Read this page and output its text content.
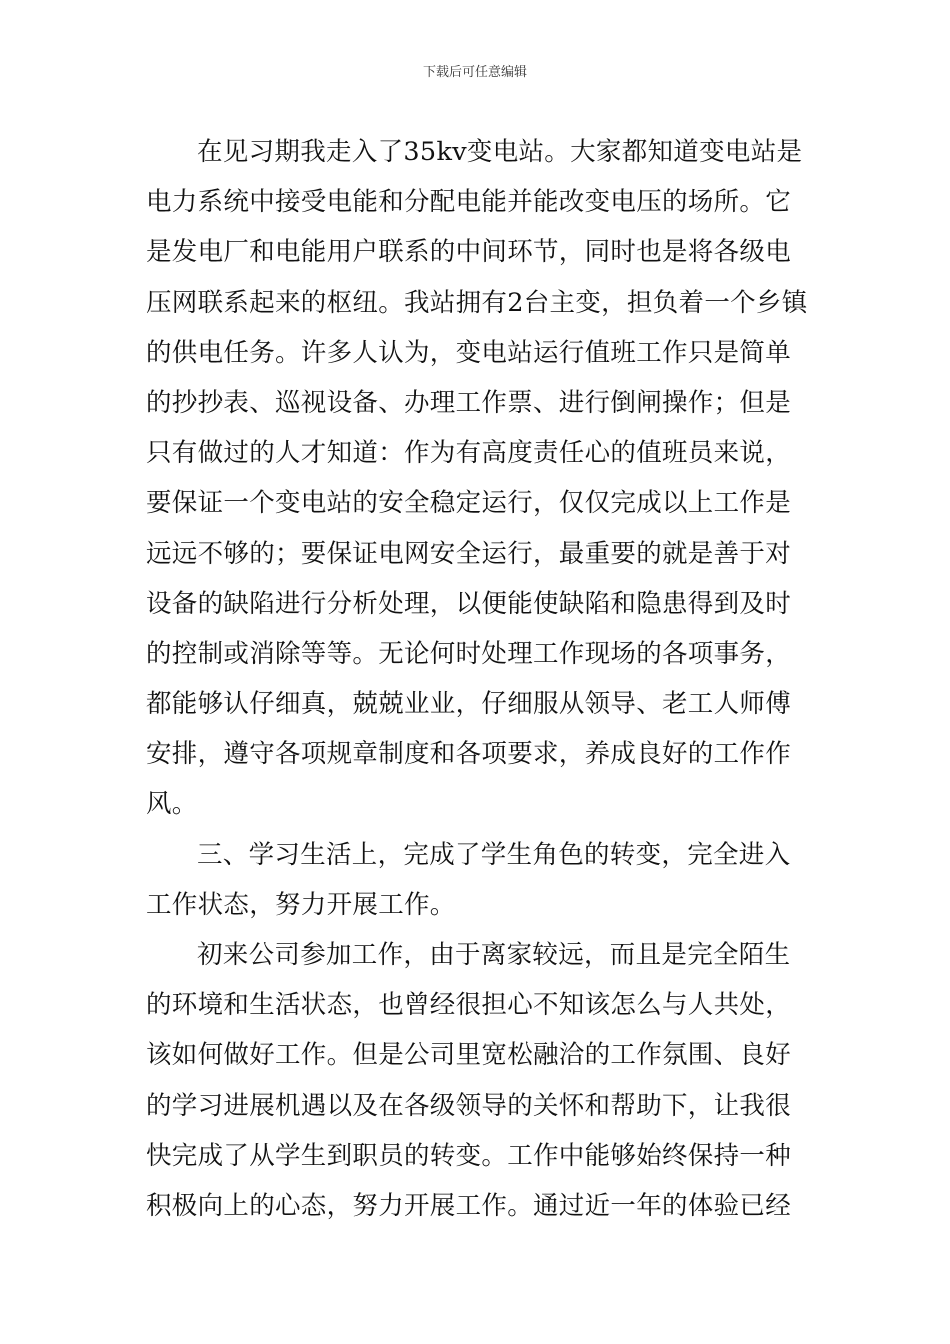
下载后可任意编辑
在见习期我走入了35kv变电站。大家都知道变电站是
电力系统中接受电能和分配电能并能改变电压的场所。它
是发电厂和电能用户联系的中间环节，同时也是将各级电
压网联系起来的枢纽。我站拥有2台主变，担负着一个乡镇
的供电任务。许多人认为，变电站运行值班工作只是简单
的抄抄表、巡视设备、办理工作票、进行倒闸操作；但是
只有做过的人才知道：作为有高度责任心的值班员来说，
要保证一个变电站的安全稳定运行，仅仅完成以上工作是
远远不够的；要保证电网安全运行，最重要的就是善于对
设备的缺陷进行分析处理，以便能使缺陷和隐患得到及时
的控制或消除等等。无论何时处理工作现场的各项事务，
都能够认仔细真，兢兢业业，仔细服从领导、老工人师傅
安排，遵守各项规章制度和各项要求，养成良好的工作作
风。
三、学习生活上，完成了学生角色的转变，完全进入
工作状态，努力开展工作。
初来公司参加工作，由于离家较远，而且是完全陌生
的环境和生活状态，也曾经很担心不知该怎么与人共处，
该如何做好工作。但是公司里宽松融洽的工作氛围、良好
的学习进展机遇以及在各级领导的关怀和帮助下，让我很
快完成了从学生到职员的转变。工作中能够始终保持一种
积极向上的心态，努力开展工作。通过近一年的体验已经
